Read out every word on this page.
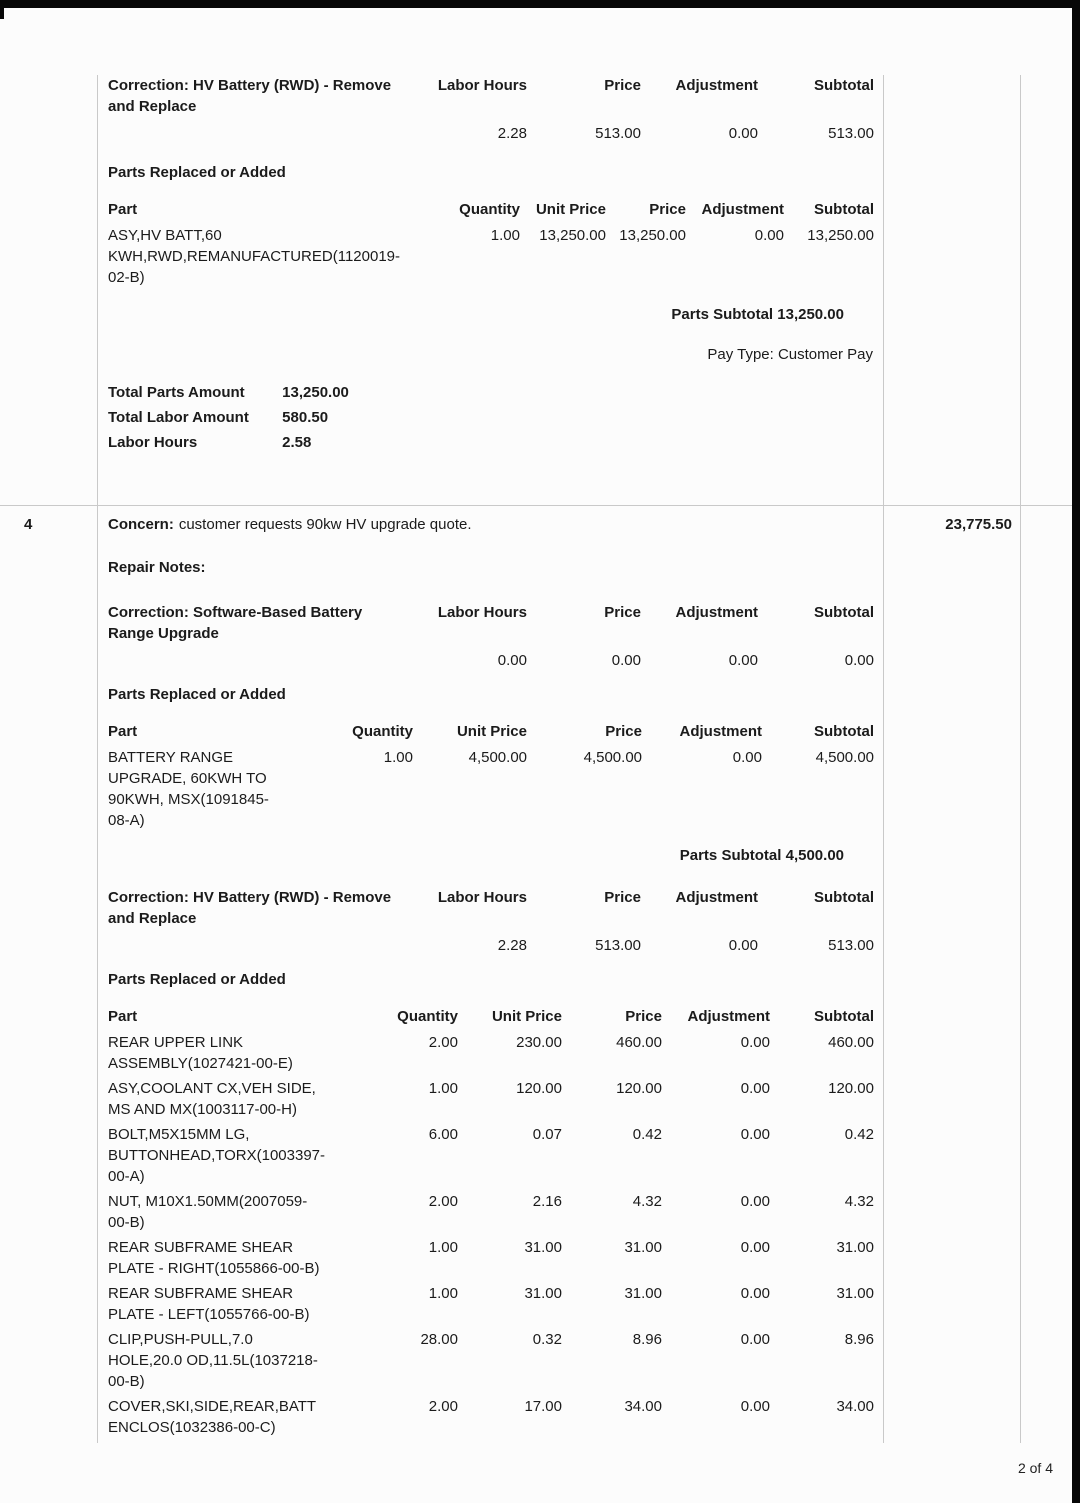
Correction: HV Battery (RWD) - Remove and Replace
Labor Hours	Price	Adjustment	Subtotal
2.28	513.00	0.00	513.00
Parts Replaced or Added
Part	Quantity	Unit Price	Price	Adjustment	Subtotal

ASY,HV BATT,60 KWH,RWD,REMANUFACTURED(1120019-02-B)	1.00	13,250.00	13,250.00	0.00	13,250.00
Parts Subtotal 13,250.00
Pay Type: Customer Pay
Total Parts Amount	13,250.00
Total Labor Amount 580.50
Labor Hours	2.58
4	23,775.50
Concern: customer requests 90kw HV upgrade quote.
Repair Notes:
Correction: Software-Based Battery Range Upgrade
Labor Hours	Price	Adjustment	Subtotal
0.00	0.00	0.00	0.00
Parts Replaced or Added
Part	Quantity	Unit Price	Price	Adjustment	Subtotal

BATTERY RANGE UPGRADE, 60KWH TO 90KWH, MSX(1091845-08-A)	1.00	4,500.00	4,500.00	0.00	4,500.00
Parts Subtotal 4,500.00
Correction: HV Battery (RWD) - Remove and Replace
Labor Hours	Price	Adjustment	Subtotal
2.28	513.00	0.00	513.00
Parts Replaced or Added
Part	Quantity	Unit Price	Price	Adjustment	Subtotal

REAR UPPER LINK ASSEMBLY(1027421-00-E)	2.00	230.00	460.00	0.00	460.00

ASY,COOLANT CX,VEH SIDE, MS AND MX(1003117-00-H)	1.00	120.00	120.00	0.00	120.00

BOLT,M5X15MM LG, BUTTONHEAD,TORX(1003397-00-A)	6.00	0.07	0.42	0.00	0.42

NUT, M10X1.50MM(2007059-00-B)	2.00	2.16	4.32	0.00	4.32

REAR SUBFRAME SHEAR PLATE - RIGHT(1055866-00-B)	1.00	31.00	31.00	0.00	31.00

REAR SUBFRAME SHEAR PLATE - LEFT(1055766-00-B)	1.00	31.00	31.00	0.00	31.00

CLIP,PUSH-PULL,7.0 HOLE,20.0 OD,11.5L(1037218-00-B)	28.00	0.32	8.96	0.00	8.96

COVER,SKI,SIDE,REAR,BATT ENCLOS(1032386-00-C)	2.00	17.00	34.00	0.00	34.00
2 of 4
